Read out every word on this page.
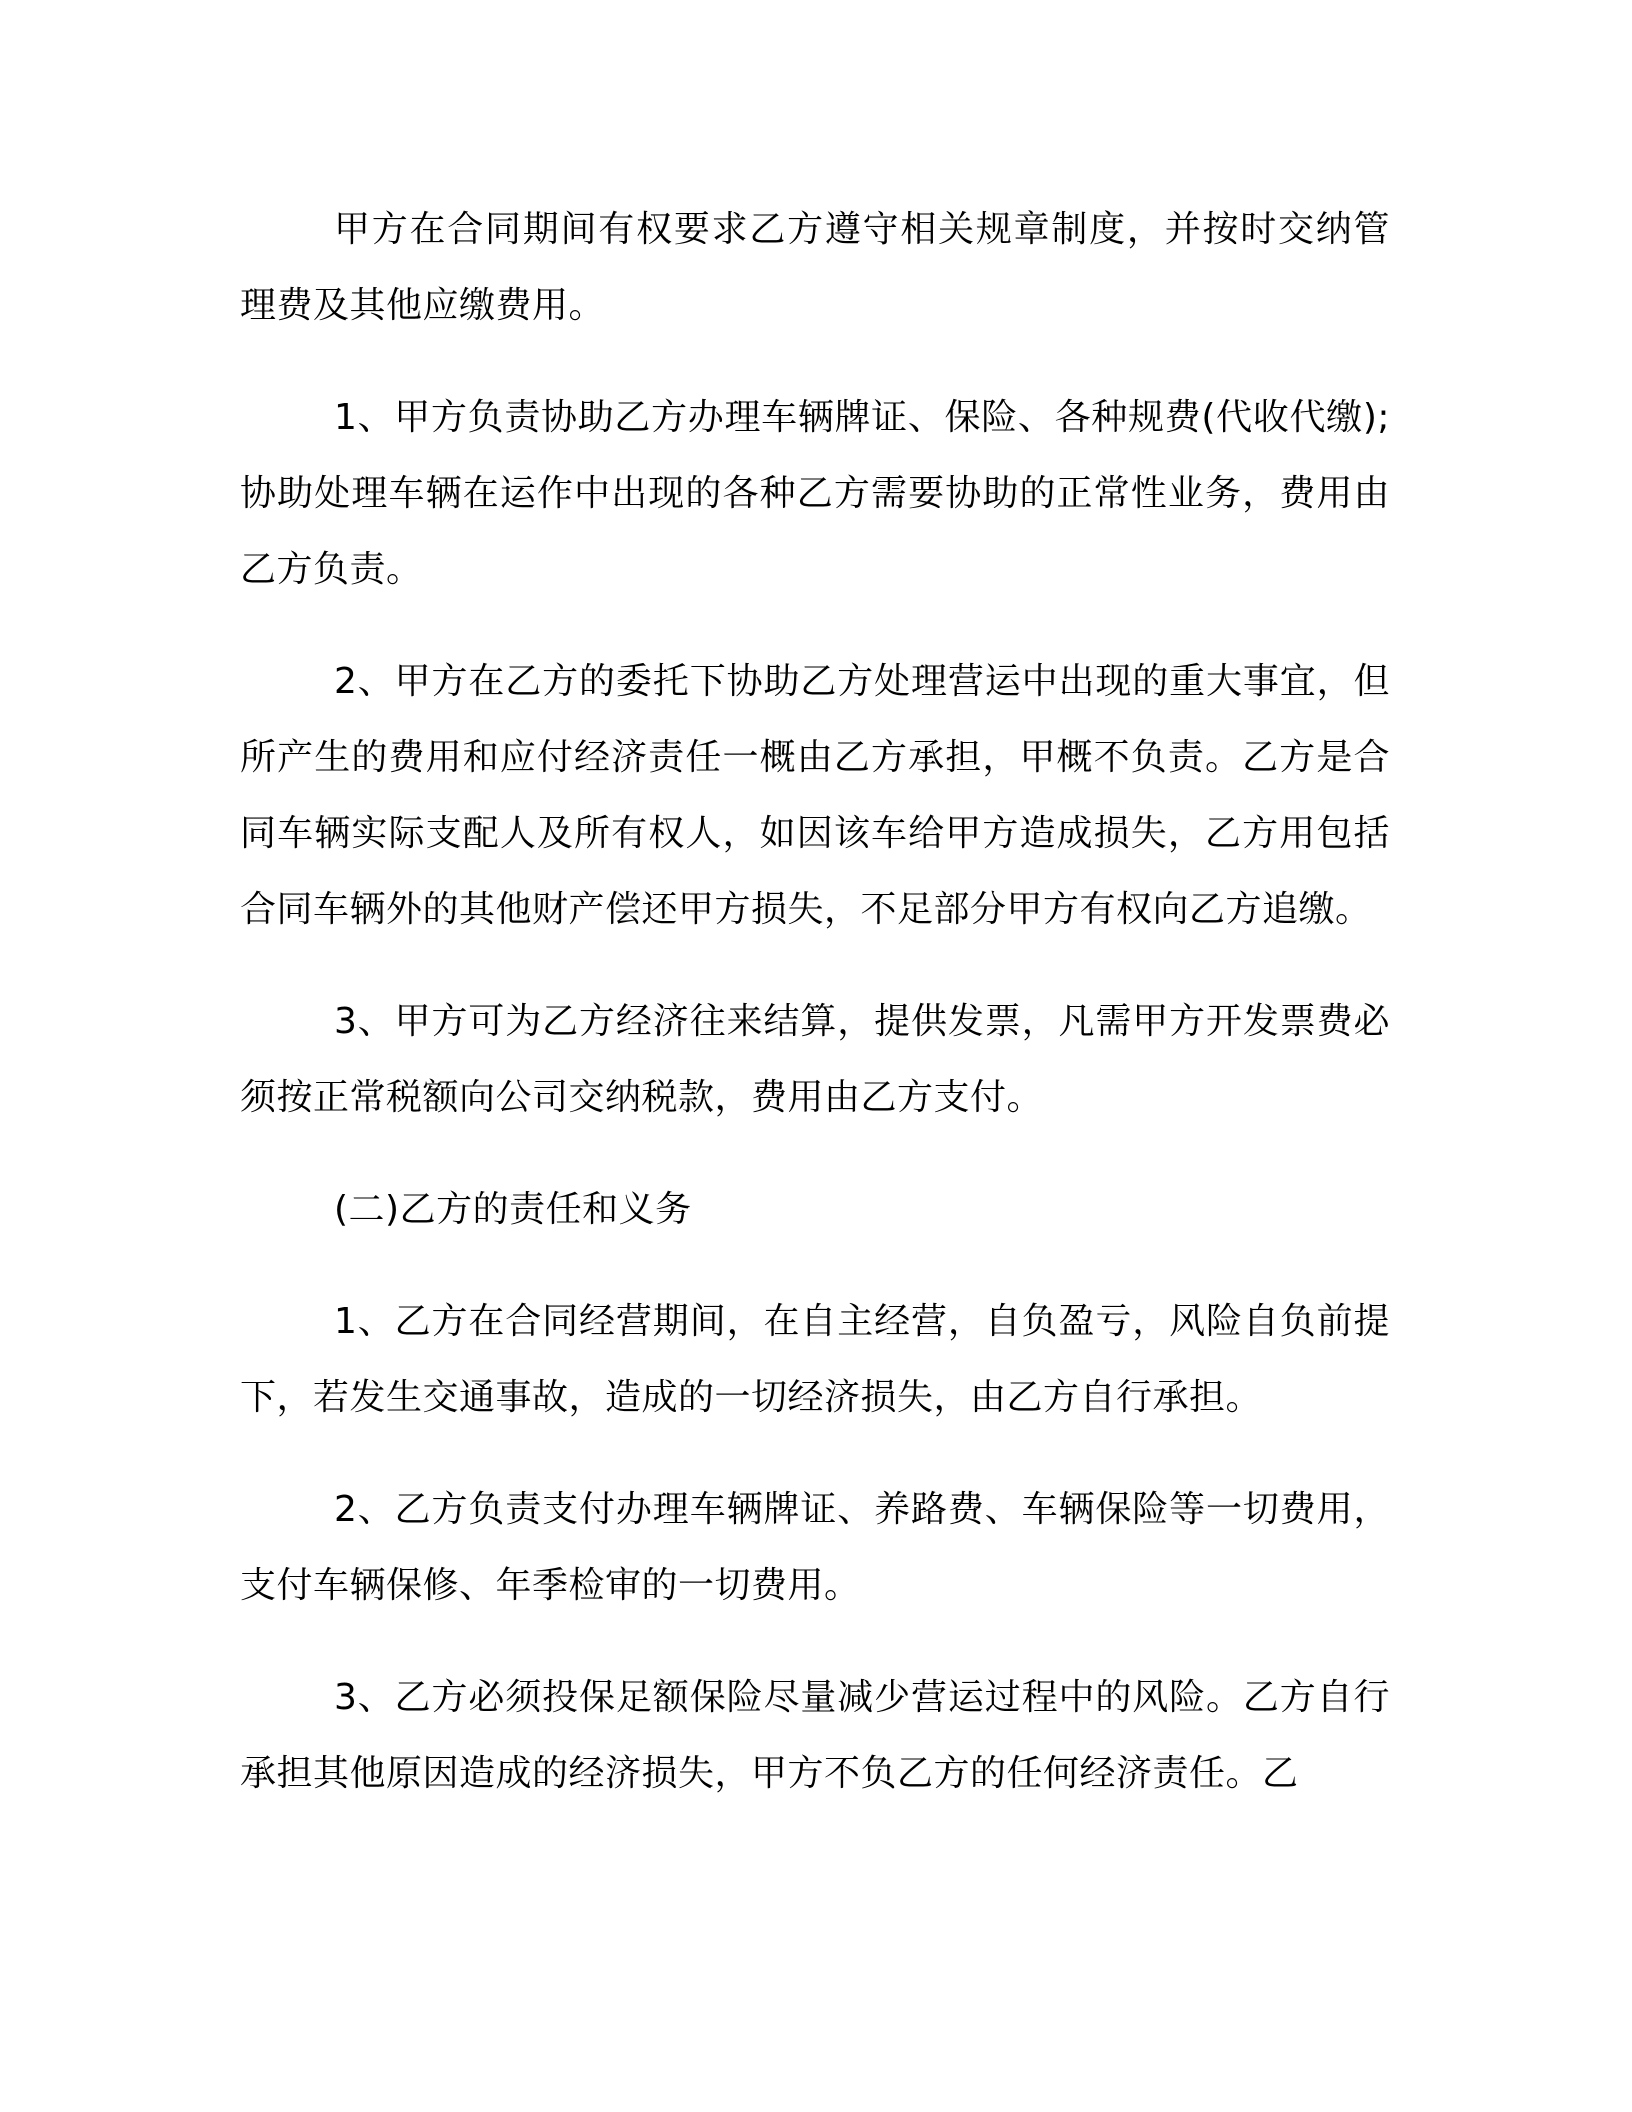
甲方在合同期间有权要求乙方遵守相关规章制度，并按时交纳管理费及其他应缴费用。

1、甲方负责协助乙方办理车辆牌证、保险、各种规费(代收代缴);协助处理车辆在运作中出现的各种乙方需要协助的正常性业务，费用由乙方负责。

2、甲方在乙方的委托下协助乙方处理营运中出现的重大事宜，但所产生的费用和应付经济责任一概由乙方承担，甲概不负责。乙方是合同车辆实际支配人及所有权人，如因该车给甲方造成损失，乙方用包括合同车辆外的其他财产偿还甲方损失，不足部分甲方有权向乙方追缴。

3、甲方可为乙方经济往来结算，提供发票，凡需甲方开发票费必须按正常税额向公司交纳税款，费用由乙方支付。

(二)乙方的责任和义务

1、乙方在合同经营期间，在自主经营，自负盈亏，风险自负前提下，若发生交通事故，造成的一切经济损失，由乙方自行承担。

2、乙方负责支付办理车辆牌证、养路费、车辆保险等一切费用，支付车辆保修、年季检审的一切费用。

3、乙方必须投保足额保险尽量减少营运过程中的风险。乙方自行承担其他原因造成的经济损失，甲方不负乙方的任何经济责任。乙
